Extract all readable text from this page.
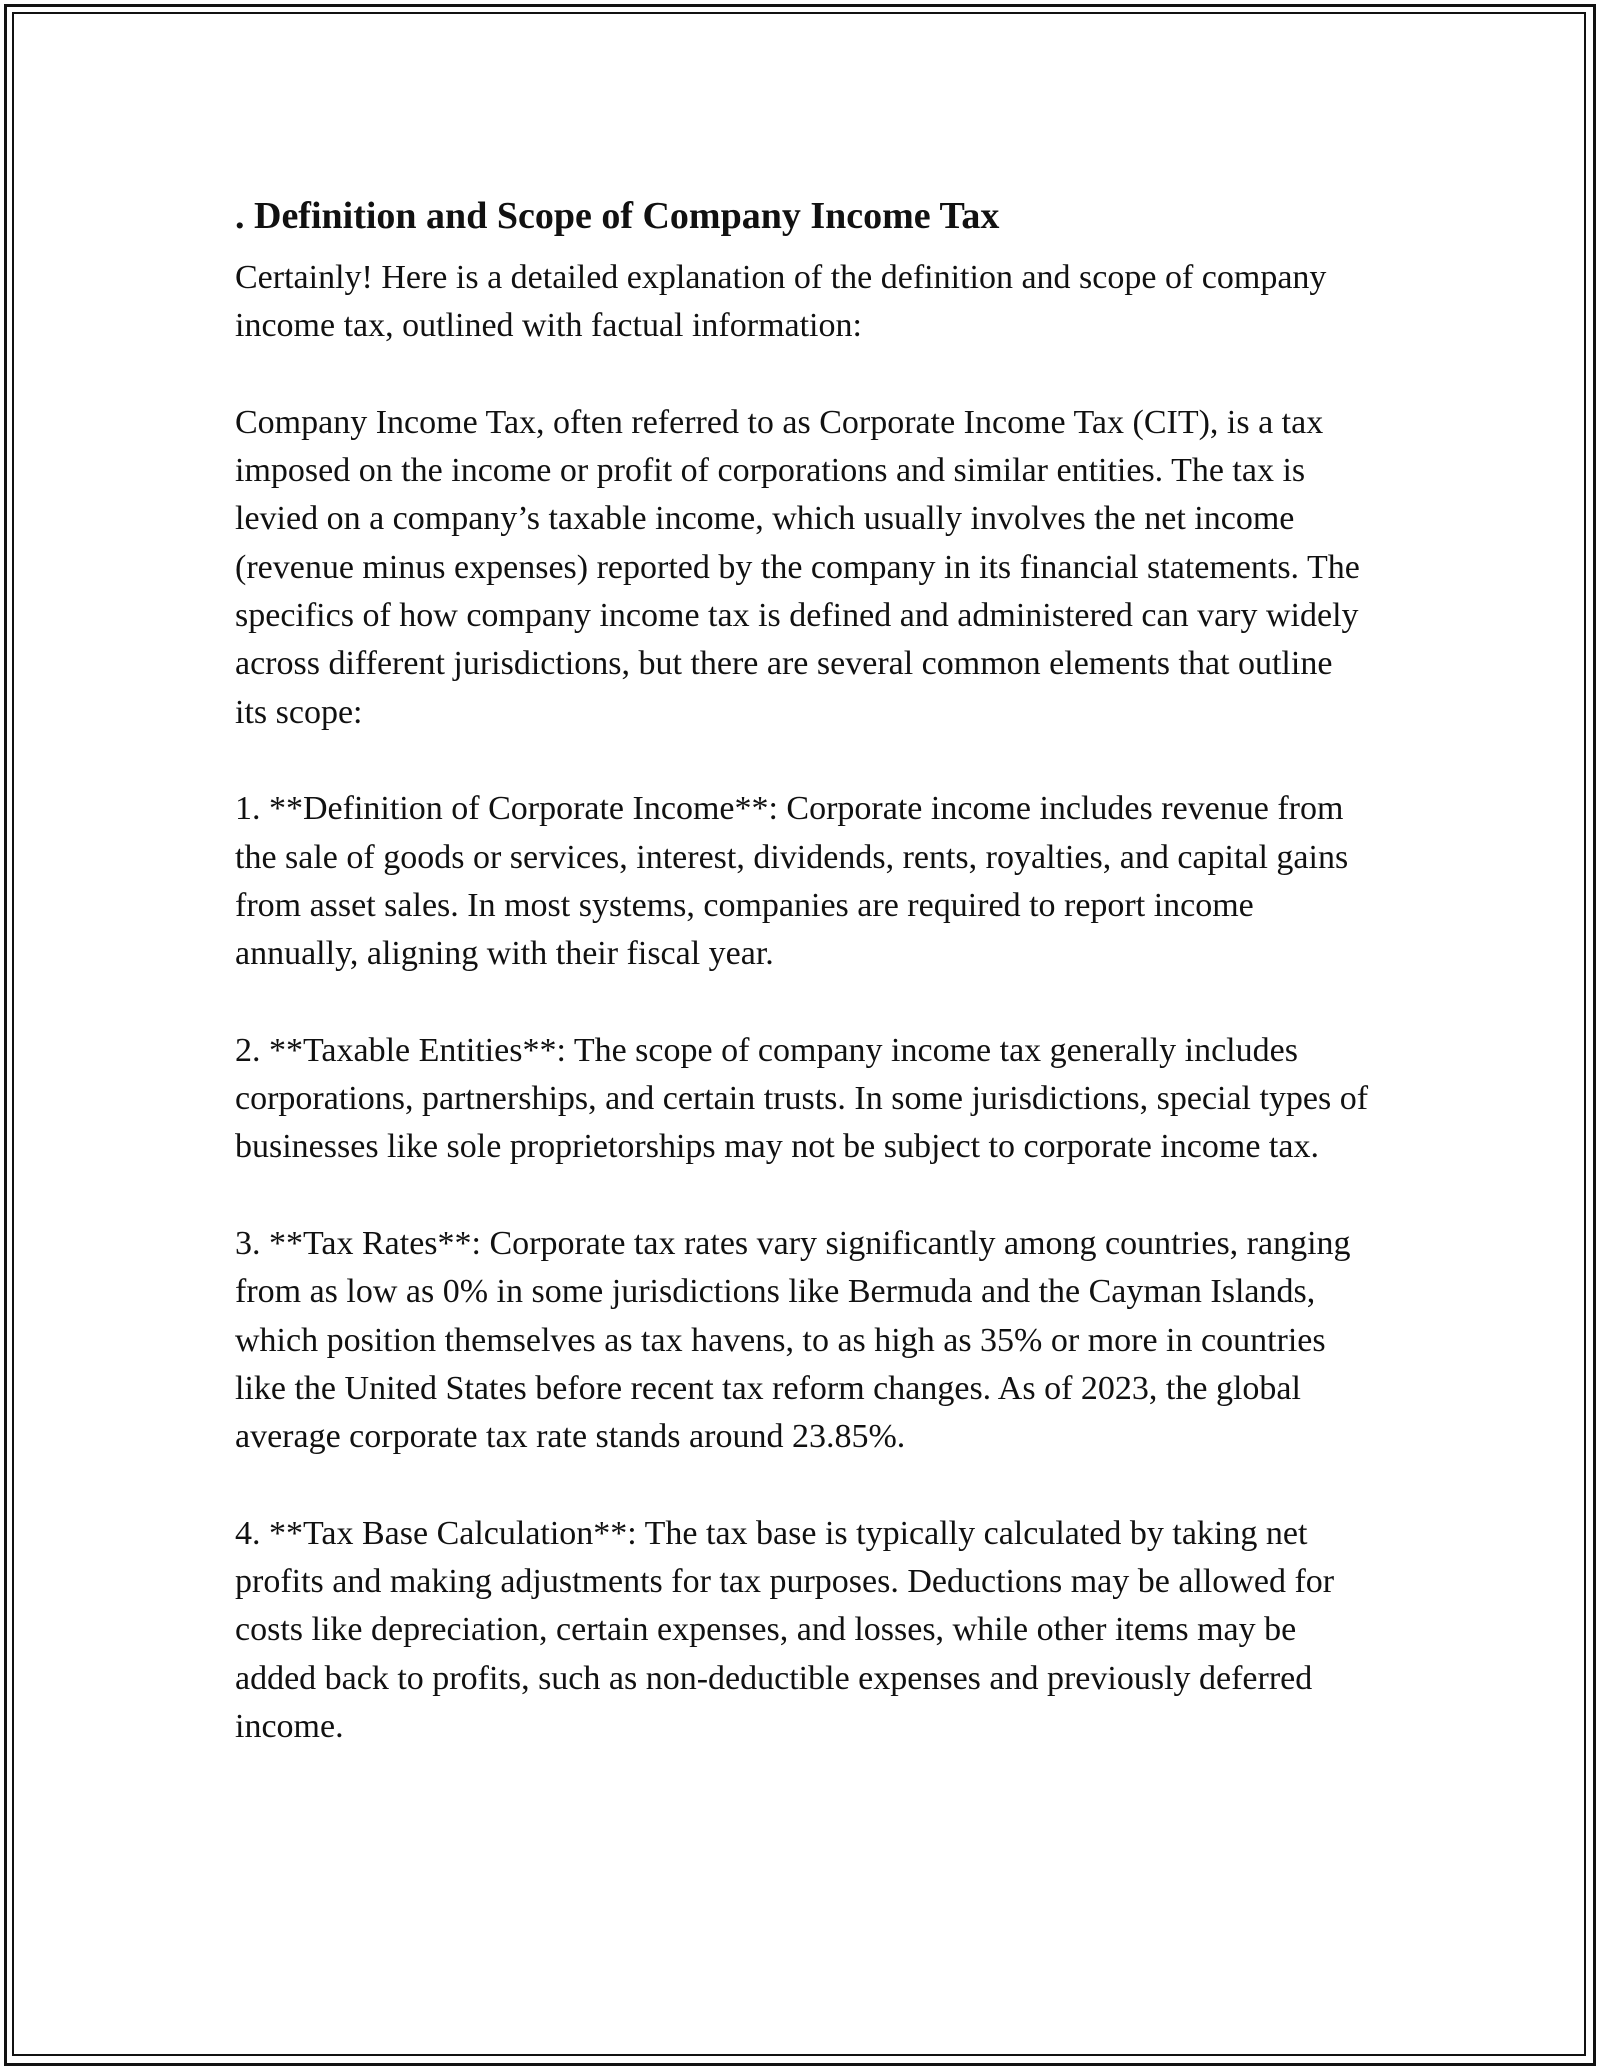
. Definition and Scope of Company Income Tax

Certainly! Here is a detailed explanation of the definition and scope of company income tax, outlined with factual information:

Company Income Tax, often referred to as Corporate Income Tax (CIT), is a tax imposed on the income or profit of corporations and similar entities. The tax is levied on a company’s taxable income, which usually involves the net income (revenue minus expenses) reported by the company in its financial statements. The specifics of how company income tax is defined and administered can vary widely across different jurisdictions, but there are several common elements that outline its scope:

1. **Definition of Corporate Income**: Corporate income includes revenue from the sale of goods or services, interest, dividends, rents, royalties, and capital gains from asset sales. In most systems, companies are required to report income annually, aligning with their fiscal year.

2. **Taxable Entities**: The scope of company income tax generally includes corporations, partnerships, and certain trusts. In some jurisdictions, special types of businesses like sole proprietorships may not be subject to corporate income tax.

3. **Tax Rates**: Corporate tax rates vary significantly among countries, ranging from as low as 0% in some jurisdictions like Bermuda and the Cayman Islands, which position themselves as tax havens, to as high as 35% or more in countries like the United States before recent tax reform changes. As of 2023, the global average corporate tax rate stands around 23.85%.

4. **Tax Base Calculation**: The tax base is typically calculated by taking net profits and making adjustments for tax purposes. Deductions may be allowed for costs like depreciation, certain expenses, and losses, while other items may be added back to profits, such as non-deductible expenses and previously deferred income.
